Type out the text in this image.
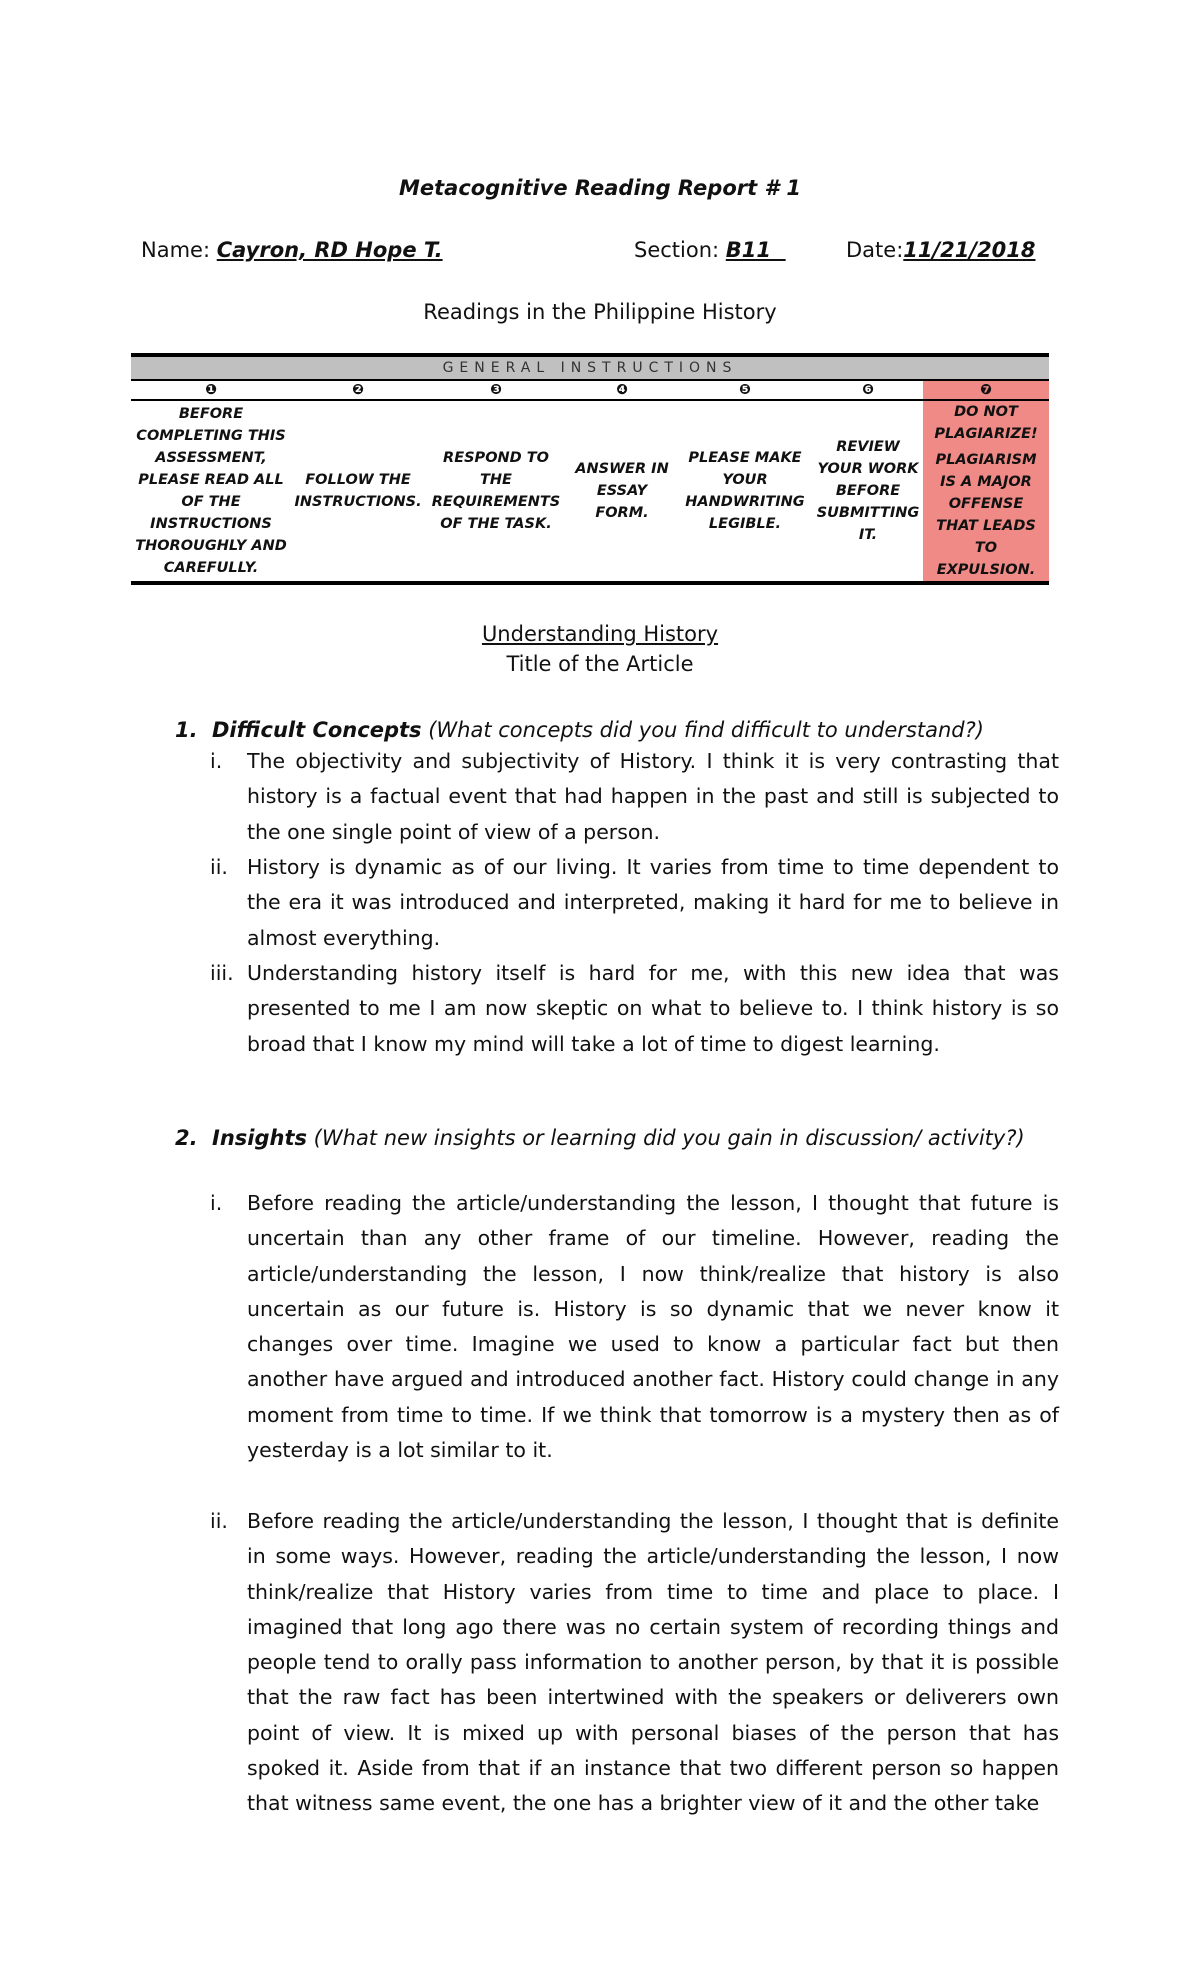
Metacognitive Reading Report # 1
Name: Cayron, RD Hope T.	Section: B11	Date:11/21/2018
Readings in the Philippine History
GENERAL INSTRUCTIONS
❶
BEFORE COMPLETING THIS ASSESSMENT, PLEASE READ ALL OF THE INSTRUCTIONS THOROUGHLY AND CAREFULLY.
❷
FOLLOW THE INSTRUCTIONS.
❸
RESPOND TO THE REQUIREMENTS OF THE TASK.
❹
ANSWER IN ESSAY FORM.
❺
PLEASE MAKE YOUR HANDWRITING LEGIBLE.
❻
REVIEW YOUR WORK BEFORE SUBMITTING IT.
❼
DO NOT PLAGIARIZE!
PLAGIARISM IS A MAJOR OFFENSE THAT LEADS TO EXPULSION.
Understanding History
Title of the Article
1. Difficult Concepts (What concepts did you find difficult to understand?)
i. The objectivity and subjectivity of History. I think it is very contrasting that history is a factual event that had happen in the past and still is subjected to the one single point of view of a person.
ii. History is dynamic as of our living. It varies from time to time dependent to the era it was introduced and interpreted, making it hard for me to believe in almost everything.
iii. Understanding history itself is hard for me, with this new idea that was presented to me I am now skeptic on what to believe to. I think history is so broad that I know my mind will take a lot of time to digest learning.
2. Insights (What new insights or learning did you gain in discussion/ activity?)
i. Before reading the article/understanding the lesson, I thought that future is uncertain than any other frame of our timeline. However, reading the article/understanding the lesson, I now think/realize that history is also uncertain as our future is. History is so dynamic that we never know it changes over time. Imagine we used to know a particular fact but then another have argued and introduced another fact. History could change in any moment from time to time. If we think that tomorrow is a mystery then as of yesterday is a lot similar to it.
ii. Before reading the article/understanding the lesson, I thought that is definite in some ways. However, reading the article/understanding the lesson, I now think/realize that History varies from time to time and place to place. I imagined that long ago there was no certain system of recording things and people tend to orally pass information to another person, by that it is possible that the raw fact has been intertwined with the speakers or deliverers own point of view. It is mixed up with personal biases of the person that has spoked it. Aside from that if an instance that two different person so happen that witness same event, the one has a brighter view of it and the other take
